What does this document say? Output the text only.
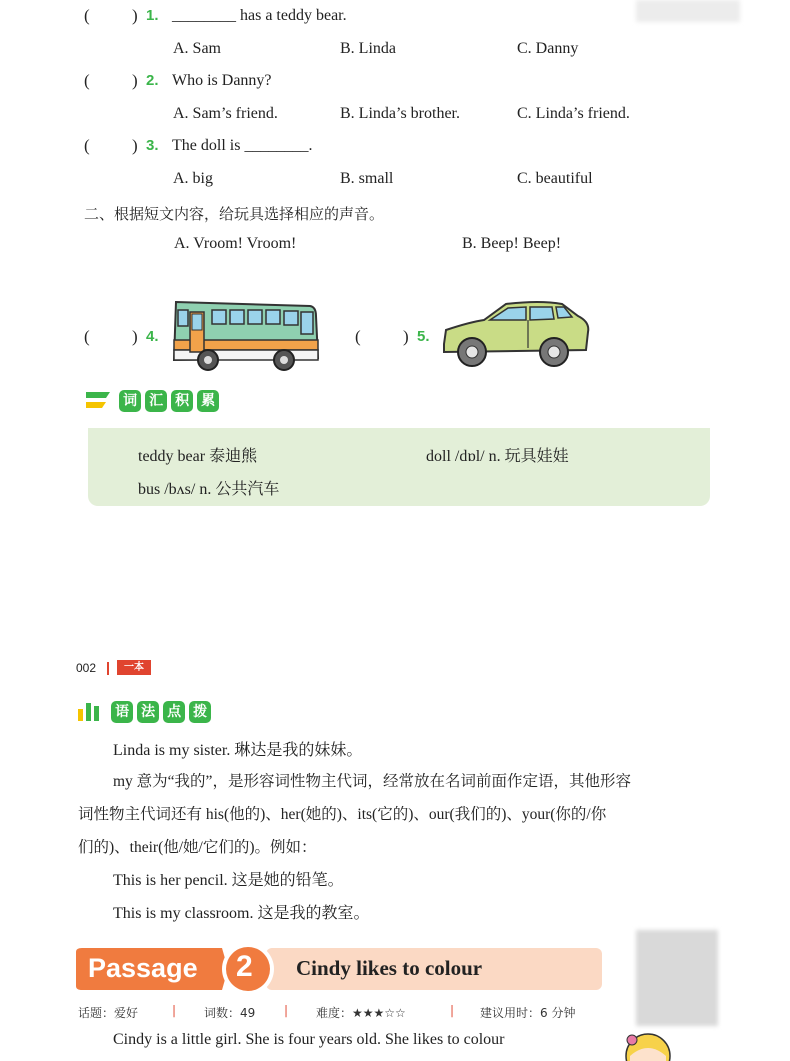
( ) 1. ________ has a teddy bear.
A. Sam	B. Linda	C. Danny
( ) 2. Who is Danny?
A. Sam’s friend.	B. Linda’s brother.	C. Linda’s friend.
( ) 3. The doll is ________.
A. big	B. small	C. beautiful
二、根据短文内容，给玩具选择相应的声音。
A. Vroom! Vroom!	B. Beep! Beep!
( ) 4.	( ) 5.
词 汇 积 累
teddy bear 泰迪熊	doll /dɒl/ n. 玩具娃娃
bus /bʌs/ n. 公共汽车
002	一本
语 法 点 拨
Linda is my sister. 琳达是我的妹妹。
my 意为“我的”，是形容词性物主代词，经常放在名词前面作定语，其他形容
词性物主代词还有 his(他的)、her(她的)、its(它的)、our(我们的)、your(你的/你
们的)、their(他/她/它们的)。例如：
This is her pencil. 这是她的铅笔。
This is my classroom. 这是我的教室。
Passage 2 Cindy likes to colour
话题：爱好	| 词数：49 | 难度：★★★☆☆	| 建议用时：6 分钟
Cindy is a little girl. She is four years old. She likes to colour
